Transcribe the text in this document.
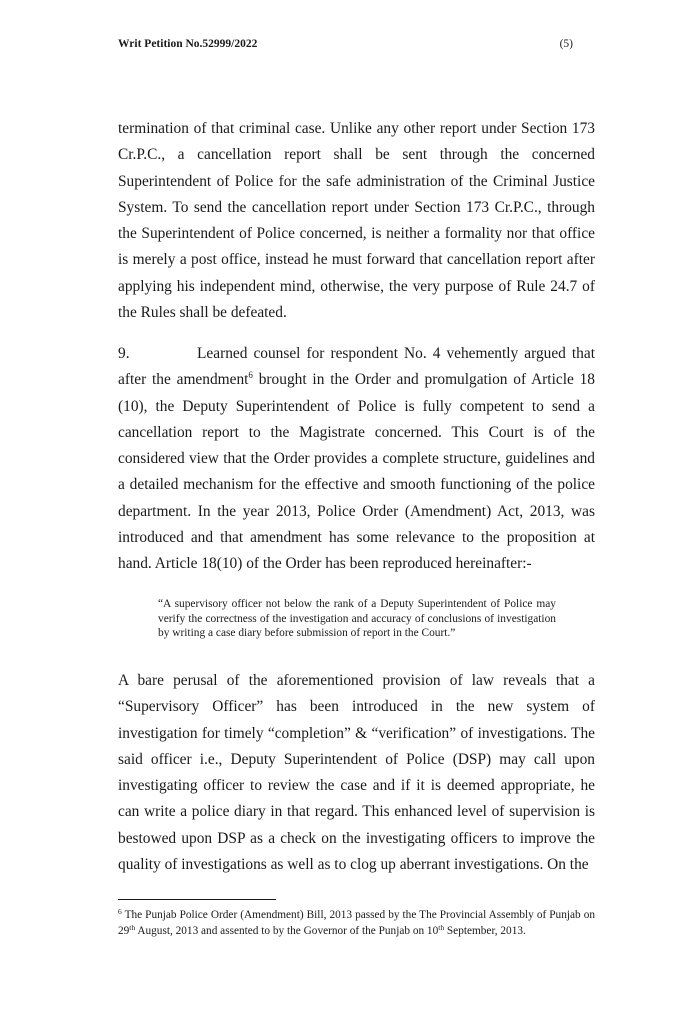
Writ Petition No.52999/2022	(5)
termination of that criminal case. Unlike any other report under Section 173 Cr.P.C., a cancellation report shall be sent through the concerned Superintendent of Police for the safe administration of the Criminal Justice System. To send the cancellation report under Section 173 Cr.P.C., through the Superintendent of Police concerned, is neither a formality nor that office is merely a post office, instead he must forward that cancellation report after applying his independent mind, otherwise, the very purpose of Rule 24.7 of the Rules shall be defeated.
9.	Learned counsel for respondent No. 4 vehemently argued that after the amendment$^6$ brought in the Order and promulgation of Article 18 (10), the Deputy Superintendent of Police is fully competent to send a cancellation report to the Magistrate concerned. This Court is of the considered view that the Order provides a complete structure, guidelines and a detailed mechanism for the effective and smooth functioning of the police department. In the year 2013, Police Order (Amendment) Act, 2013, was introduced and that amendment has some relevance to the proposition at hand. Article 18(10) of the Order has been reproduced hereinafter:-
“A supervisory officer not below the rank of a Deputy Superintendent of Police may verify the correctness of the investigation and accuracy of conclusions of investigation by writing a case diary before submission of report in the Court.”
A bare perusal of the aforementioned provision of law reveals that a “Supervisory Officer” has been introduced in the new system of investigation for timely “completion” & “verification” of investigations. The said officer i.e., Deputy Superintendent of Police (DSP) may call upon investigating officer to review the case and if it is deemed appropriate, he can write a police diary in that regard. This enhanced level of supervision is bestowed upon DSP as a check on the investigating officers to improve the quality of investigations as well as to clog up aberrant investigations. On the
$^6$ The Punjab Police Order (Amendment) Bill, 2013 passed by the The Provincial Assembly of Punjab on 29th August, 2013 and assented to by the Governor of the Punjab on 10th September, 2013.
